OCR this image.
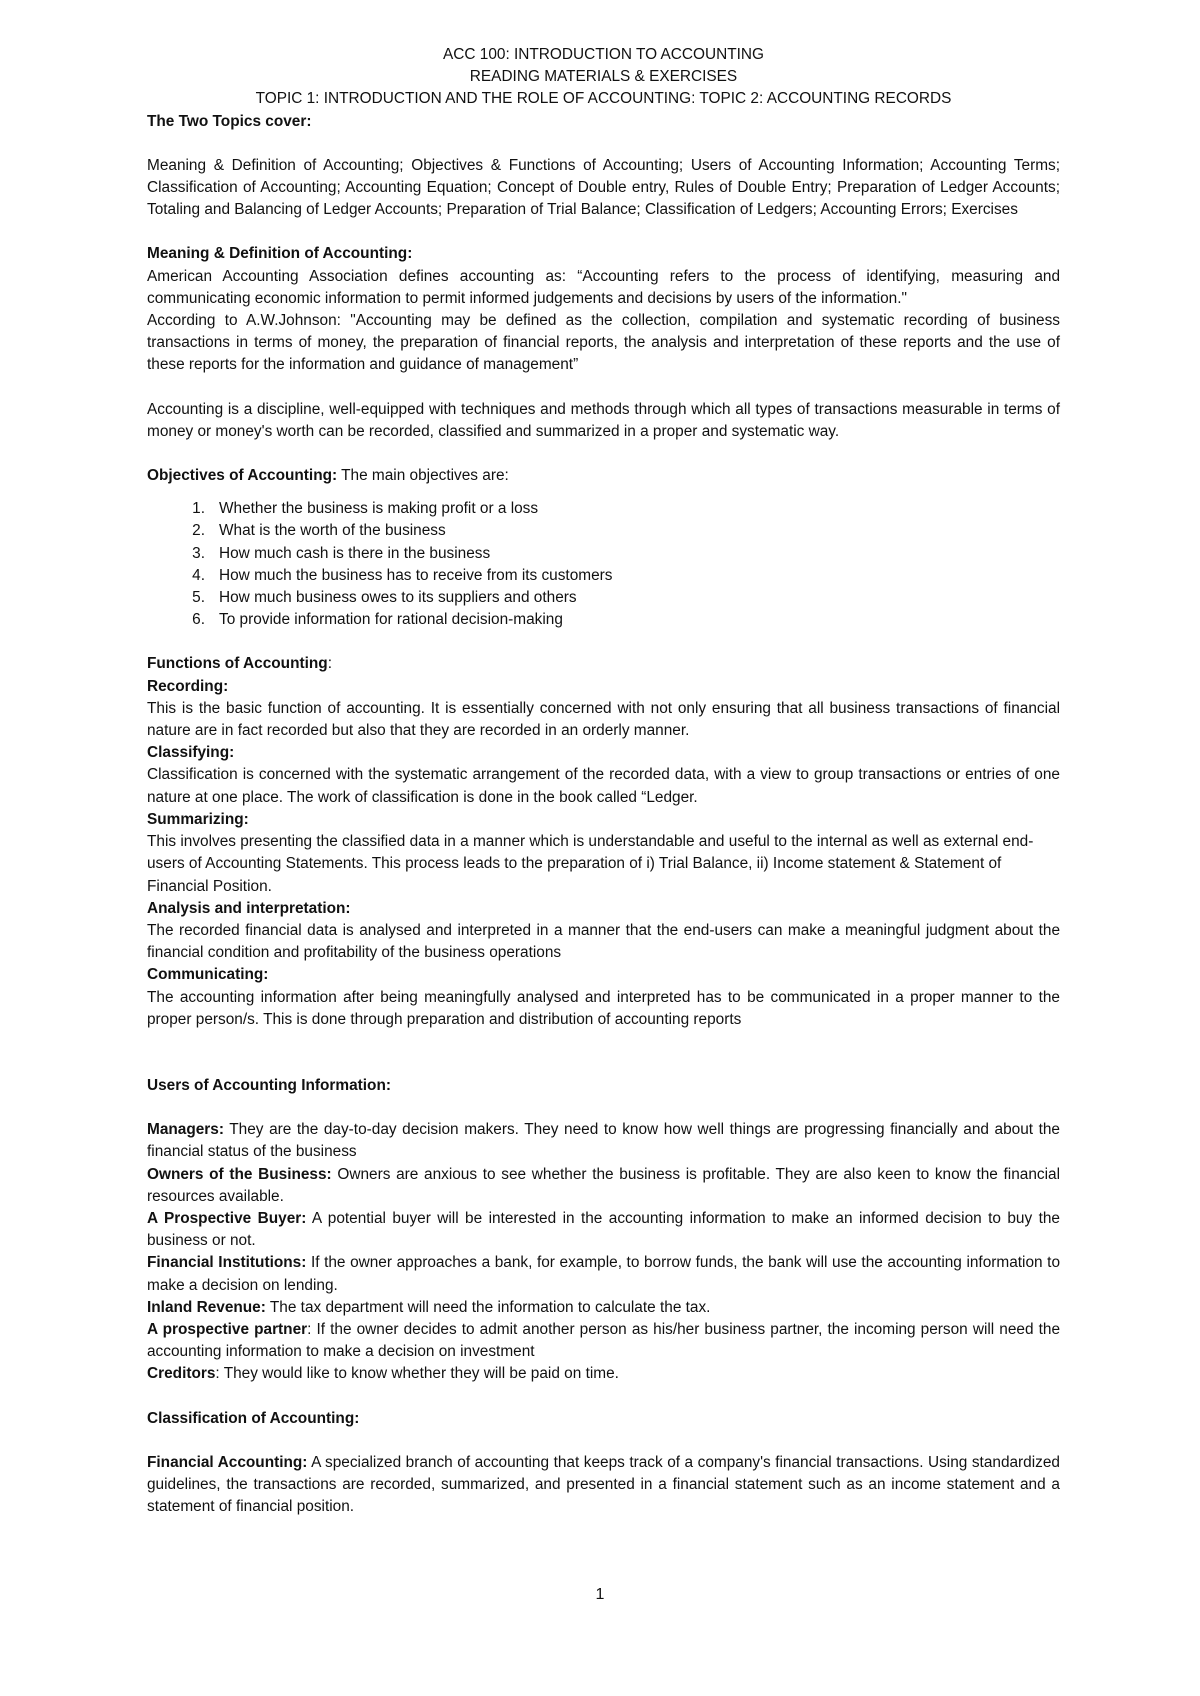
ACC 100: INTRODUCTION TO ACCOUNTING

READING MATERIALS & EXERCISES

TOPIC 1: INTRODUCTION AND THE ROLE OF ACCOUNTING: TOPIC 2: ACCOUNTING RECORDS

The Two Topics cover:

Meaning & Definition of Accounting; Objectives & Functions of Accounting; Users of Accounting Information; Accounting Terms; Classification of Accounting; Accounting Equation; Concept of Double entry, Rules of Double Entry; Preparation of Ledger Accounts; Totaling and Balancing of Ledger Accounts; Preparation of Trial Balance; Classification of Ledgers; Accounting Errors; Exercises

Meaning & Definition of Accounting:

American Accounting Association defines accounting as: “Accounting refers to the process of identifying, measuring and communicating economic information to permit informed judgements and decisions by users of the information."

According to A.W.Johnson: "Accounting may be defined as the collection, compilation and systematic recording of business transactions in terms of money, the preparation of financial reports, the analysis and interpretation of these reports and the use of these reports for the information and guidance of management”

Accounting is a discipline, well-equipped with techniques and methods through which all types of transactions measurable in terms of money or money's worth can be recorded, classified and summarized in a proper and systematic way.

Objectives of Accounting: The main objectives are:

1. Whether the business is making profit or a loss
2. What is the worth of the business
3. How much cash is there in the business
4. How much the business has to receive from its customers
5. How much business owes to its suppliers and others
6. To provide information for rational decision-making

Functions of Accounting:

Recording:

This is the basic function of accounting. It is essentially concerned with not only ensuring that all business transactions of financial nature are in fact recorded but also that they are recorded in an orderly manner.

Classifying:

Classification is concerned with the systematic arrangement of the recorded data, with a view to group transactions or entries of one nature at one place. The work of classification is done in the book called “Ledger.

Summarizing:

This involves presenting the classified data in a manner which is understandable and useful to the internal as well as external end-users of Accounting Statements. This process leads to the preparation of i) Trial Balance, ii) Income statement & Statement of Financial Position.

Analysis and interpretation:

The recorded financial data is analysed and interpreted in a manner that the end-users can make a meaningful judgment about the financial condition and profitability of the business operations

Communicating:

The accounting information after being meaningfully analysed and interpreted has to be communicated in a proper manner to the proper person/s. This is done through preparation and distribution of accounting reports

Users of Accounting Information:

Managers: They are the day-to-day decision makers. They need to know how well things are progressing financially and about the financial status of the business

Owners of the Business: Owners are anxious to see whether the business is profitable. They are also keen to know the financial resources available.

A Prospective Buyer: A potential buyer will be interested in the accounting information to make an informed decision to buy the business or not.

Financial Institutions: If the owner approaches a bank, for example, to borrow funds, the bank will use the accounting information to make a decision on lending.

Inland Revenue: The tax department will need the information to calculate the tax.

A prospective partner: If the owner decides to admit another person as his/her business partner, the incoming person will need the accounting information to make a decision on investment

Creditors: They would like to know whether they will be paid on time.

Classification of Accounting:

Financial Accounting: A specialized branch of accounting that keeps track of a company's financial transactions. Using standardized guidelines, the transactions are recorded, summarized, and presented in a financial statement such as an income statement and a statement of financial position.

1
